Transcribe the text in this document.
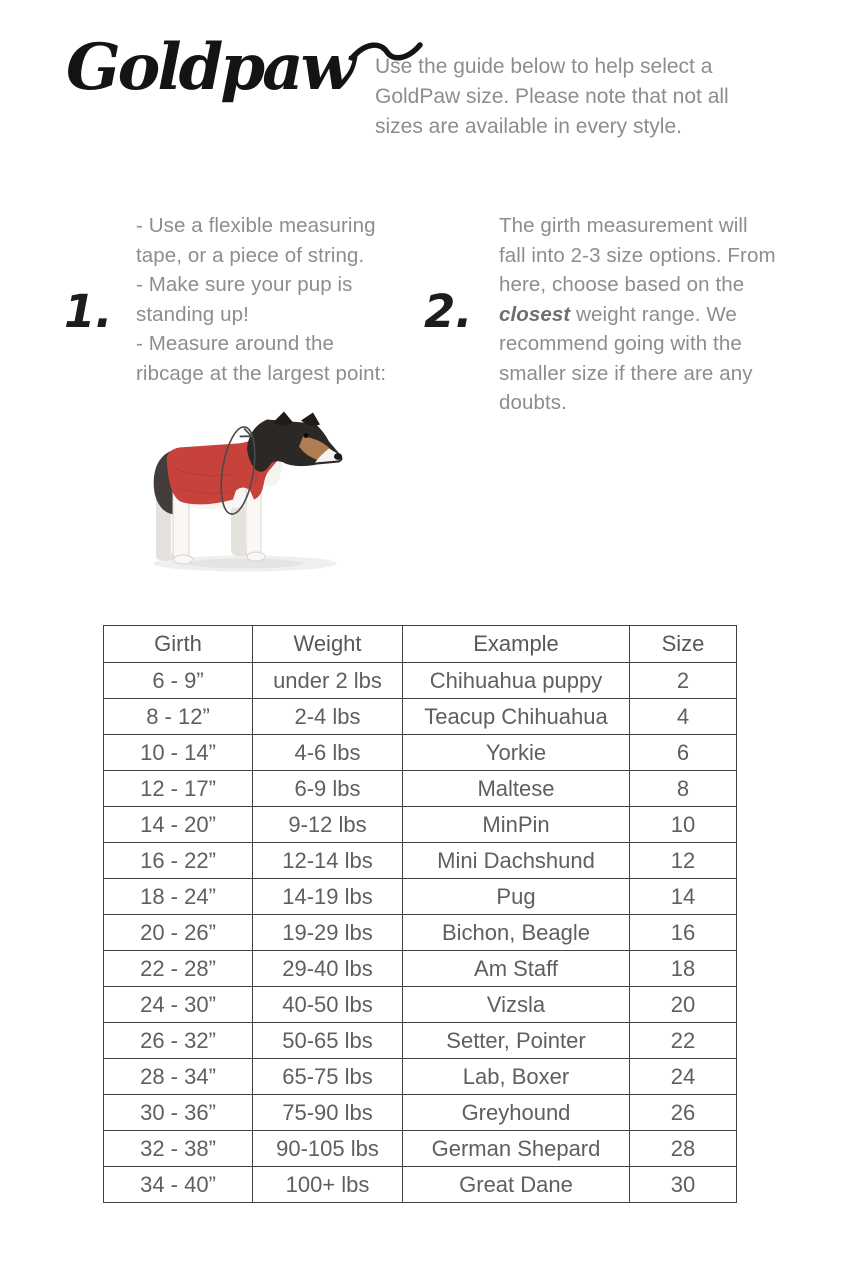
Goldpaw	Use the guide below to help select a GoldPaw size. Please note that not all sizes are available in every style.

1.

- Use a flexible measuring tape, or a piece of string.

- Make sure your pup is standing up!

- Measure around the ribcage at the largest point:

2.

The girth measurement will fall into 2-3 size options. From here, choose based on the closest weight range. We recommend going with the smaller size if there are any doubts.

Girth	Weight	Example	Size
6 - 9”	under 2 lbs	Chihuahua puppy	2
8 - 12”	2-4 lbs	Teacup Chihuahua	4
10 - 14”	4-6 lbs	Yorkie	6
12 - 17”	6-9 lbs	Maltese	8
14 - 20”	9-12 lbs	MinPin	10
16 - 22”	12-14 lbs	Mini Dachshund	12
18 - 24”	14-19 lbs	Pug	14
20 - 26”	19-29 lbs	Bichon, Beagle	16
22 - 28”	29-40 lbs	Am Staff	18
24 - 30”	40-50 lbs	Vizsla	20
26 - 32”	50-65 lbs	Setter, Pointer	22
28 - 34”	65-75 lbs	Lab, Boxer	24
30 - 36”	75-90 lbs	Greyhound	26
32 - 38”	90-105 lbs	German Shepard	28
34 - 40”	100+ lbs	Great Dane	30
